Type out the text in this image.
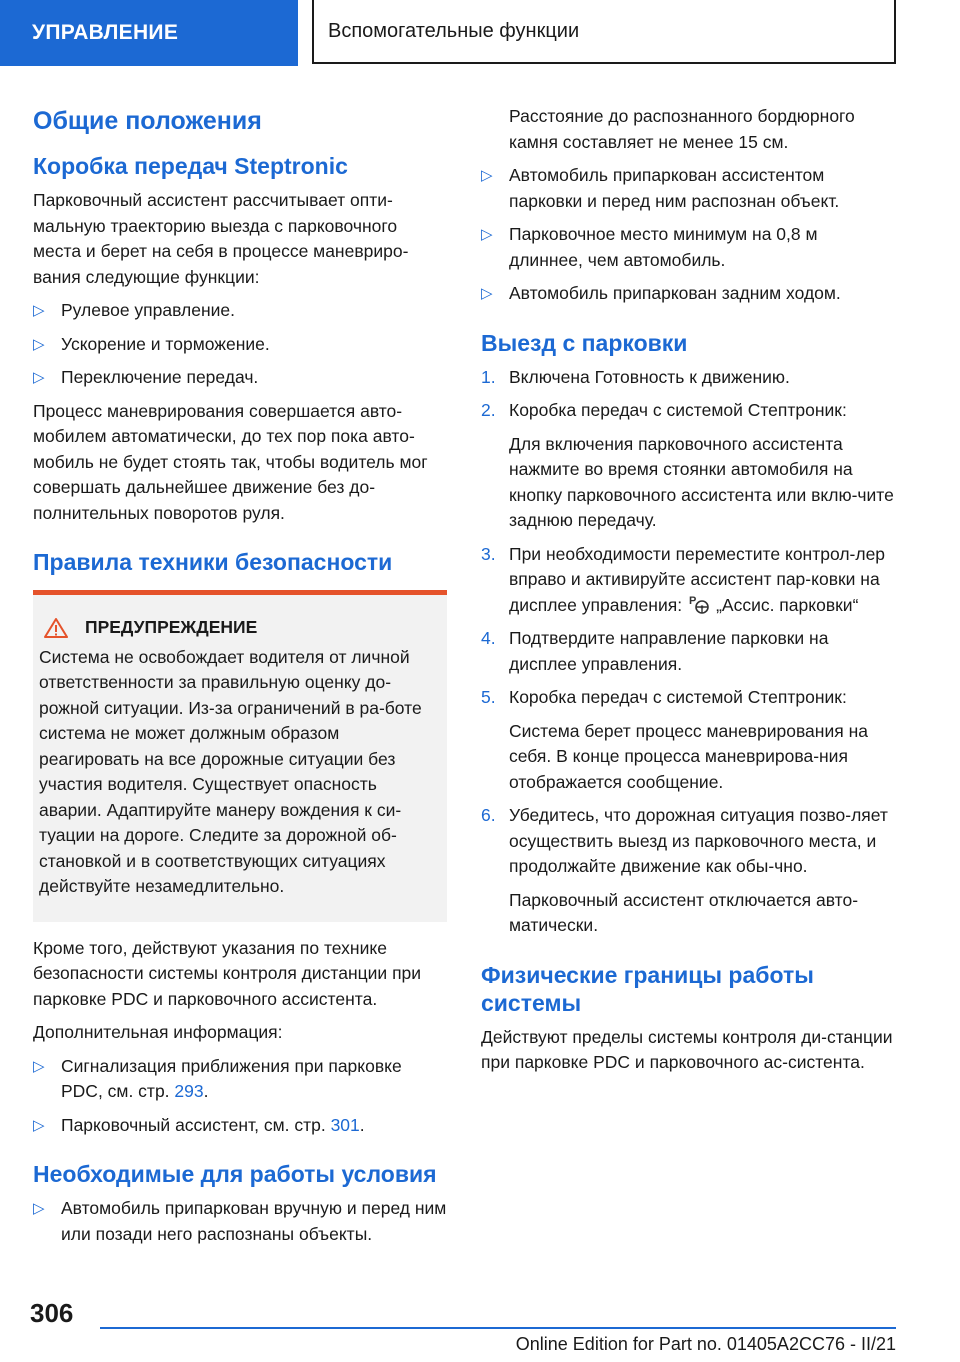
УПРАВЛЕНИЕ	Вспомогательные функции
Общие положения
Коробка передач Steptronic

Парковочный ассистент рассчитывает опти-мальную траекторию выезда с парковочного места и берет на себя в процессе маневриро-вания следующие функции:

▷ Рулевое управление.
▷ Ускорение и торможение.
▷ Переключение передач.

Процесс маневрирования совершается авто-мобилем автоматически, до тех пор пока авто-мобиль не будет стоять так, чтобы водитель мог совершать дальнейшее движение без до-полнительных поворотов руля.

Правила техники безопасности
ПРЕДУПРЕЖДЕНИЕ
Система не освобождает водителя от личной ответственности за правильную оценку до-рожной ситуации. Из-за ограничений в ра-боте система не может должным образом реагировать на все дорожные ситуации без участия водителя. Существует опасность аварии. Адаптируйте манеру вождения к си-туации на дороге. Следите за дорожной об-становкой и в соответствующих ситуациях действуйте незамедлительно.

Кроме того, действуют указания по технике безопасности системы контроля дистанции при парковке PDC и парковочного ассистента.

Дополнительная информация:

▷ Сигнализация приближения при парковке PDC, см. стр. 293.
▷ Парковочный ассистент, см. стр. 301.
Необходимые для работы условия
▷ Автомобиль припаркован вручную и перед ним или позади него распознаны объекты.

Расстояние до распознанного бордюрного камня составляет не менее 15 см.

▷ Автомобиль припаркован ассистентом парковки и перед ним распознан объект.
▷ Парковочное место минимум на 0,8 м длиннее, чем автомобиль.
▷ Автомобиль припаркован задним ходом.
Выезд с парковки
1. Включена Готовность к движению.
2. Коробка передач с системой Стептроник:

Для включения парковочного ассистента нажмите во время стоянки автомобиля на кнопку парковочного ассистента или вклю-чите заднюю передачу.

3. При необходимости переместите контрол-лер вправо и активируйте ассистент пар-ковки на дисплее управления: P „Ассис. парковки“
4. Подтвердите направление парковки на дисплее управления.
5. Коробка передач с системой Стептроник:

Система берет процесс маневрирования на себя. В конце процесса маневрирова-ния отображается сообщение.

6. Убедитесь, что дорожная ситуация позво-ляет осуществить выезд из парковочного места, и продолжайте движение как обы-чно.

Парковочный ассистент отключается авто-матически.

Физические границы работы системы

Действуют пределы системы контроля ди-станции при парковке PDC и парковочного ас-систента.

306
Online Edition for Part no. 01405A2CC76 - II/21
